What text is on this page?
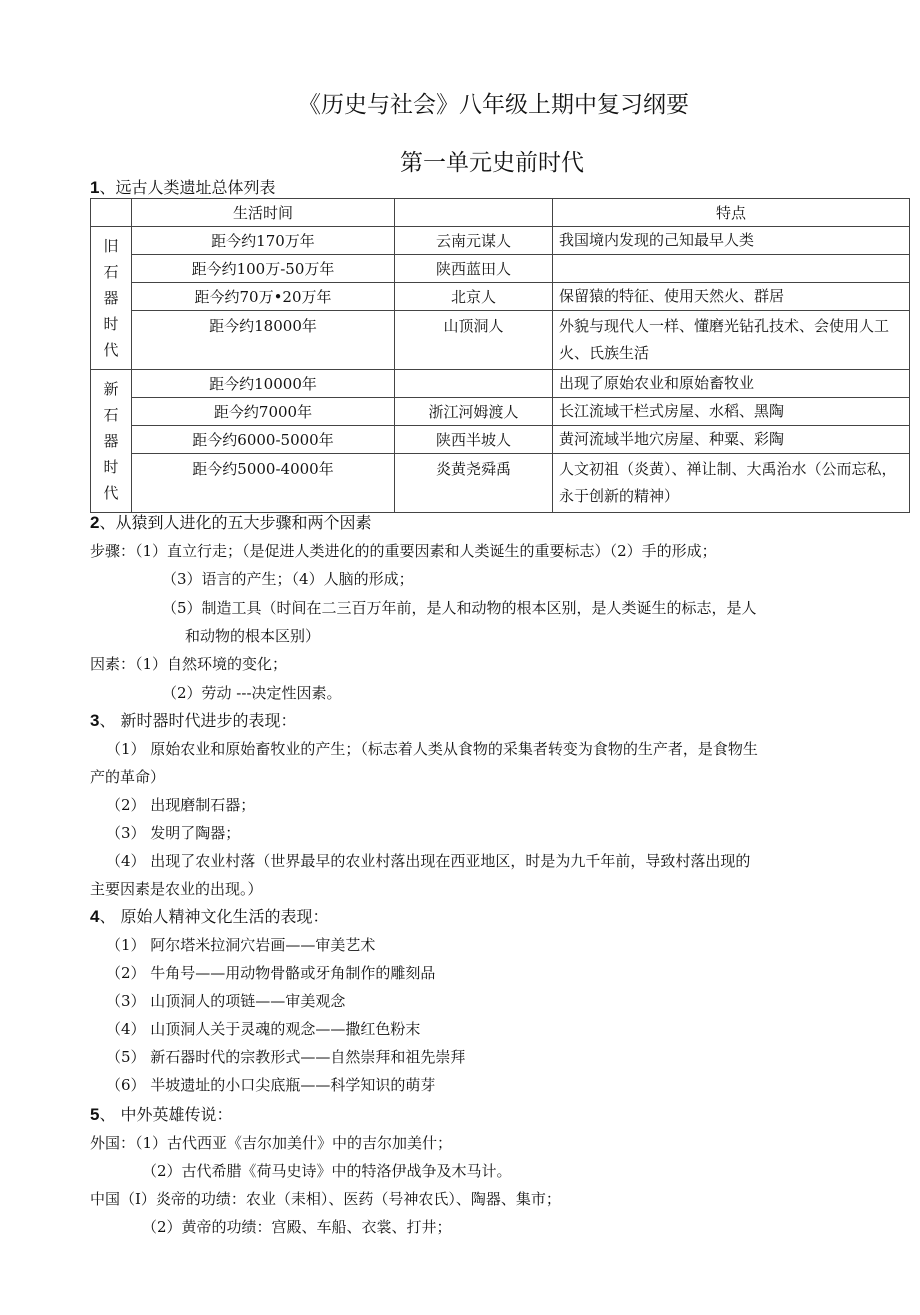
《历史与社会》八年级上期中复习纲要
第一单元史前时代
1、远古人类遗址总体列表
	生活时间		特点

旧
石
器
时
代	距今约170万年	云南元谋人	我国境内发现的己知最早人类
	距今约100万-50万年	陕西蓝田人	
	距今约70万•20万年	北京人	保留猿的特征、使用天然火、群居
	距今约18000年	山顶洞人	外貌与现代人一样、懂磨光钻孔技术、会使用人工火、氏族生活

新
石
器
时
代	距今约10000年		出现了原始农业和原始畜牧业
	距今约7000年	浙江河姆渡人	长江流域干栏式房屋、水稻、黑陶
	距今约6000-5000年	陕西半坡人	黄河流域半地穴房屋、种粟、彩陶
	距今约5000-4000年	炎黄尧舜禹	人文初祖（炎黄）、禅让制、大禹治水（公而忘私，永于创新的精神）
2、从猿到人进化的五大步骤和两个因素
步骤：（1）直立行走；（是促进人类进化的的重要因素和人类诞生的重要标志）（2）手的形成；
（3）语言的产生；（4）人脑的形成；
（5）制造工具（时间在二三百万年前，是人和动物的根本区别，是人类诞生的标志，是人
和动物的根本区别）
因素：（1）自然环境的变化；
（2）劳动 ---决定性因素。
3、 新时器时代进步的表现：
（1） 原始农业和原始畜牧业的产生；（标志着人类从食物的采集者转变为食物的生产者，是食物生
产的革命）
（2） 出现磨制石器；
（3） 发明了陶器；
（4） 出现了农业村落（世界最早的农业村落出现在西亚地区，时是为九千年前，导致村落出现的
主要因素是农业的出现。）
4、 原始人精神文化生活的表现：
（1） 阿尔塔米拉洞穴岩画——审美艺术
（2） 牛角号——用动物骨骼或牙角制作的雕刻品
（3） 山顶洞人的项链——审美观念
（4） 山顶洞人关于灵魂的观念——撒红色粉末
（5） 新石器时代的宗教形式——自然崇拜和祖先崇拜
（6） 半坡遗址的小口尖底瓶——科学知识的萌芽
5、 中外英雄传说：
外国：（1）古代西亚《吉尔加美什》中的吉尔加美什；
（2）古代希腊《荷马史诗》中的特洛伊战争及木马计。
中国（I）炎帝的功绩：农业（耒相）、医药（号神农氏）、陶器、集市；
（2）黄帝的功绩：宫殿、车船、衣裳、打井；
